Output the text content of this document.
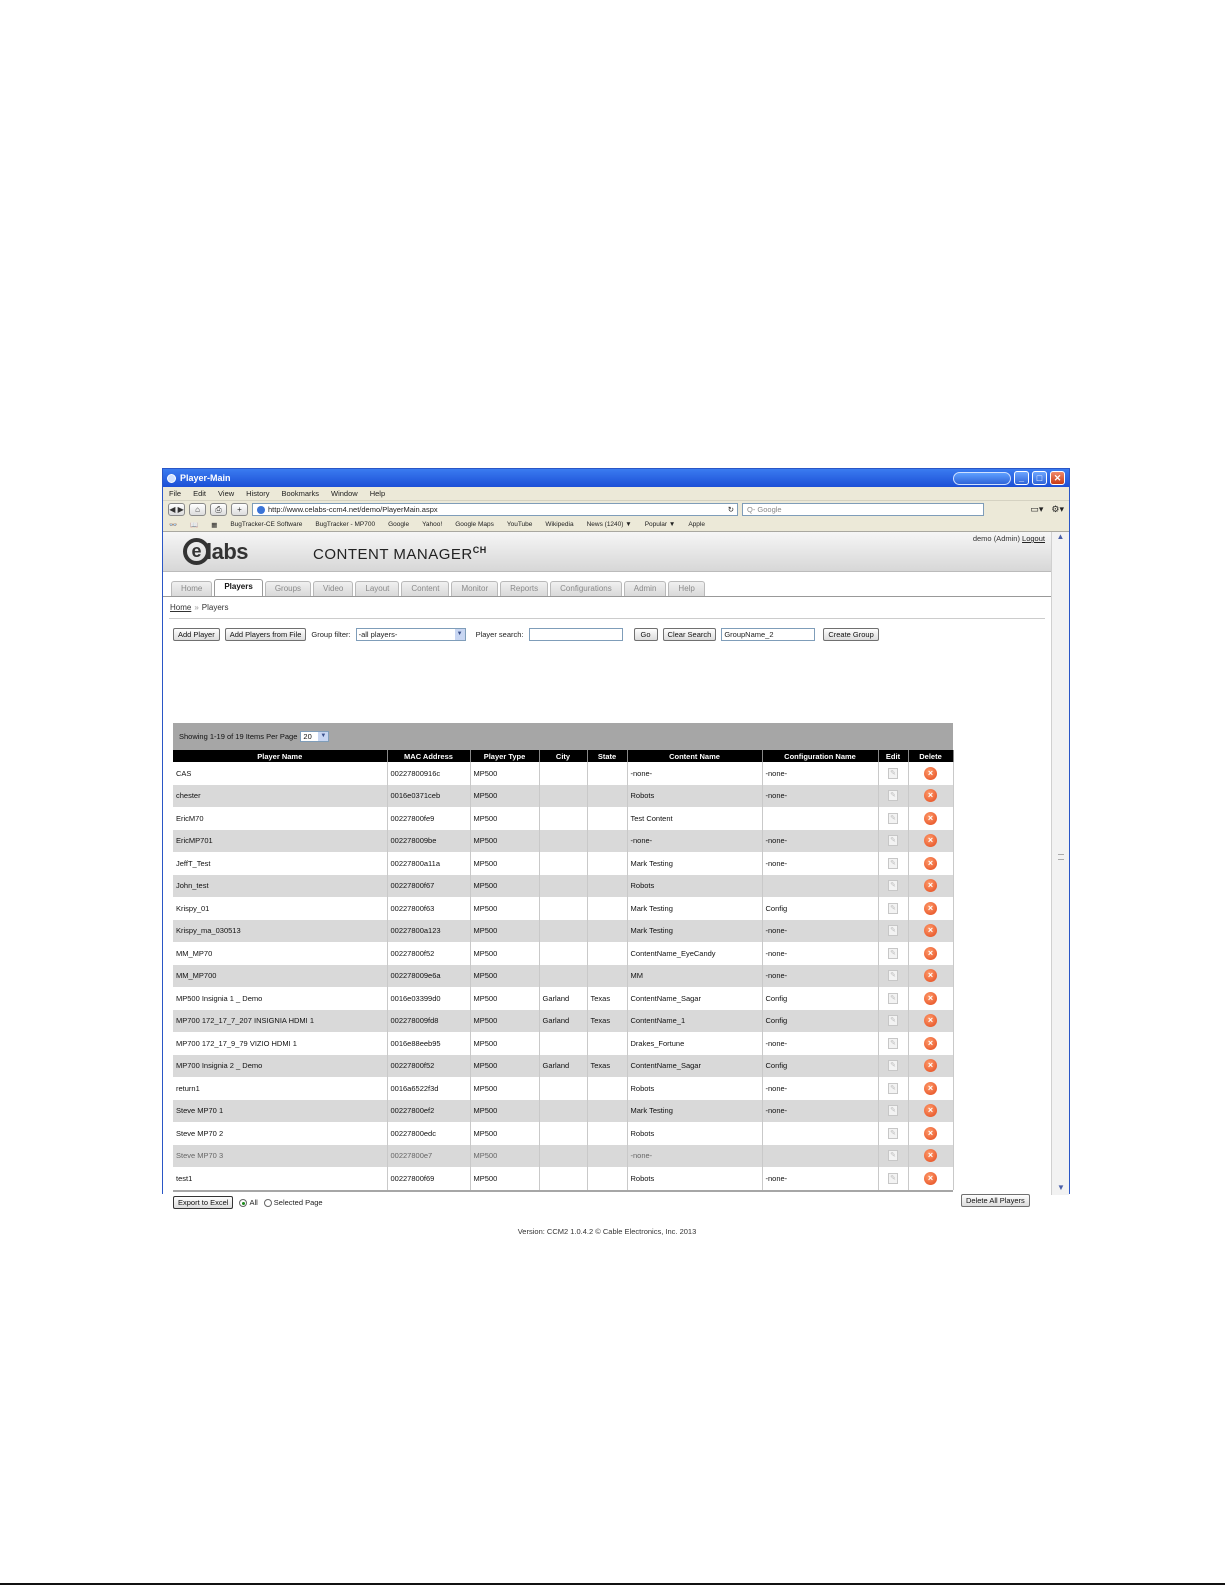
Player-Main	_	□	✕
File Edit View History Bookmarks Window Help
◀ ▶	⌂	⎙	+	http://www.celabs-ccm4.net/demo/PlayerMain.aspx	↻	Q- Google	▭▾ ⚙▾
👓 📖 ▦ BugTracker-CE Software BugTracker - MP700 Google Yahoo! Google Maps YouTube Wikipedia News (1240) ▼ Popular ▼ Apple
e labs	CONTENT $MANAGER^{CH}$
demo (Admin) Logout
Home	Players	Groups	Video	Layout	Content	Monitor	Reports	Configurations	Admin	Help
Home » Players
Add Player	Add Players from File	Group filter:	-all players-	▼ Player search:	Go	Clear Search	GroupName_2	Create Group
Showing 1-19 of 19 Items Per Page 20	▼
Player Name	MAC Address	Player Type	City	State	Content Name	Configuration Name	Edit	Delete
CAS	00227800916c	MP500			-none-	-none-	✎	×
chester	0016e0371ceb	MP500			Robots	-none-	✎	×
EricM70	00227800fe9	MP500			Test Content		✎	×
EricMP701	002278009be	MP500			-none-	-none-	✎	×
JeffT_Test	00227800a11a	MP500			Mark Testing	-none-	✎	×
John_test	00227800f67	MP500			Robots		✎	×
Krispy_01	00227800f63	MP500			Mark Testing	Config	✎	×
Krispy_ma_030513	00227800a123	MP500			Mark Testing	-none-	✎	×
MM_MP70	00227800f52	MP500			ContentName_EyeCandy	-none-	✎	×
MM_MP700	002278009e6a	MP500			MM	-none-	✎	×
MP500 Insignia 1 _ Demo	0016e03399d0	MP500	Garland	Texas	ContentName_Sagar	Config	✎	×
MP700 172_17_7_207 INSIGNIA HDMI 1	002278009fd8	MP500	Garland	Texas	ContentName_1	Config	✎	×
MP700 172_17_9_79 VIZIO HDMI 1	0016e88eeb95	MP500			Drakes_Fortune	-none-	✎	×
MP700 Insignia 2 _ Demo	00227800f52	MP500	Garland	Texas	ContentName_Sagar	Config	✎	×
return1	0016a6522f3d	MP500			Robots	-none-	✎	×
Steve MP70 1	00227800ef2	MP500			Mark Testing	-none-	✎	×
Steve MP70 2	00227800edc	MP500			Robots		✎	×
Steve MP70 3	00227800e7	MP500			-none-		✎	×
test1	00227800f69	MP500			Robots	-none-	✎	×
Export to Excel	All	Selected Page	Delete All Players
Version: CCM2 1.0.4.2 © Cable Electronics, Inc. 2013
▲
▼
